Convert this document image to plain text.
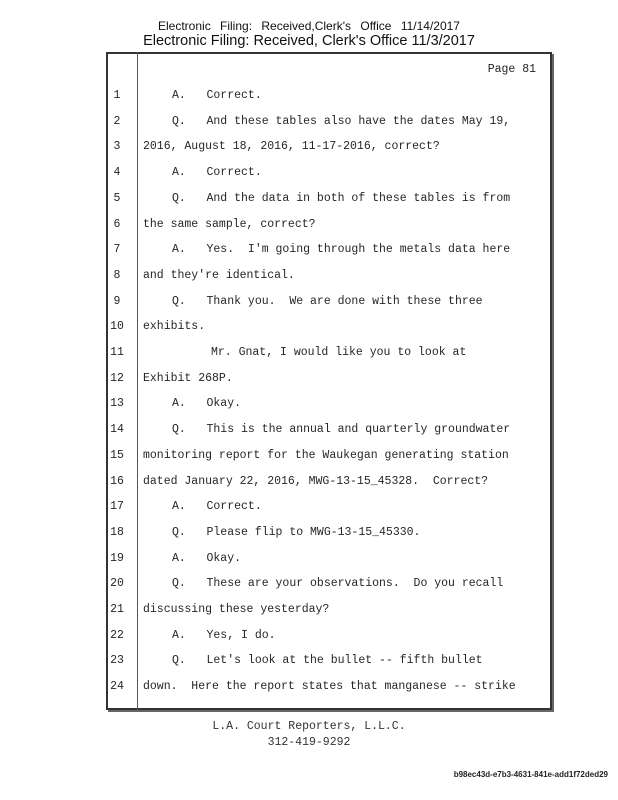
Electronic Filing: Received,Clerk's Office 11/14/2017
Electronic Filing: Received, Clerk's Office 11/3/2017
Page 81
1	A.   Correct.
2	Q.   And these tables also have the dates May 19,
3	2016, August 18, 2016, 11-17-2016, correct?
4	A.   Correct.
5	Q.   And the data in both of these tables is from
6	the same sample, correct?
7	A.   Yes.  I'm going through the metals data here
8	and they're identical.
9	Q.   Thank you.  We are done with these three
10 exhibits.
11	Mr. Gnat, I would like you to look at
12 Exhibit 268P.
13	A.   Okay.
14	Q.   This is the annual and quarterly groundwater
15 monitoring report for the Waukegan generating station
16 dated January 22, 2016, MWG-13-15_45328.  Correct?
17	A.   Correct.
18	Q.   Please flip to MWG-13-15_45330.
19	A.   Okay.
20	Q.   These are your observations.  Do you recall
21 discussing these yesterday?
22	A.   Yes, I do.
23	Q.   Let's look at the bullet -- fifth bullet
24 down.  Here the report states that manganese -- strike
L.A. Court Reporters, L.L.C.
312-419-9292
b98ec43d-e7b3-4631-841e-add1f72ded29
